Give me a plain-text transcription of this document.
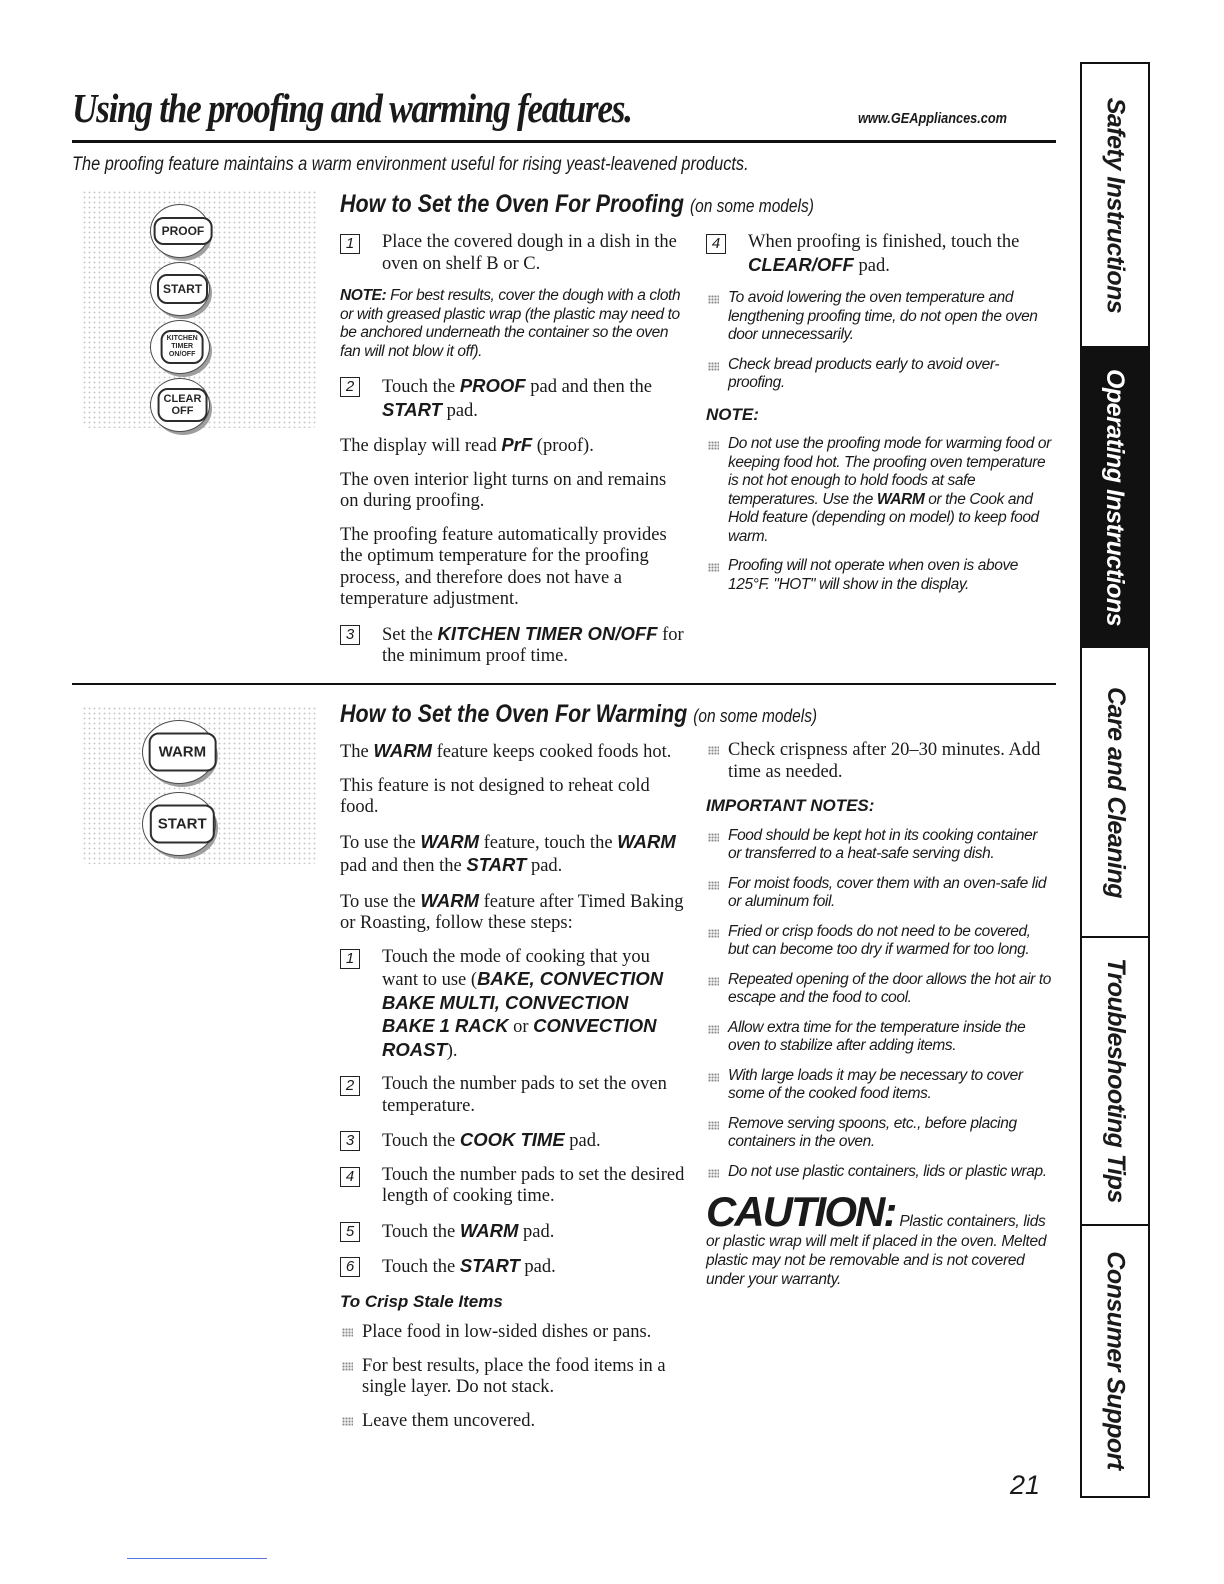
Using the proofing and warming features.	www.GEAppliances.com
The proofing feature maintains a warm environment useful for rising yeast-leavened products.
PROOF
START
KITCHEN
TIMER
ON/OFF
CLEAR
OFF
How to Set the Oven For Proofing (on some models)
1	Place the covered dough in a dish in the oven on shelf B or C.
NOTE: For best results, cover the dough with a cloth or with greased plastic wrap (the plastic may need to be anchored underneath the container so the oven fan will not blow it off).
2	Touch the PROOF pad and then the START pad.

The display will read PrF (proof).

The oven interior light turns on and remains on during proofing.

The proofing feature automatically provides the optimum temperature for the proofing process, and therefore does not have a temperature adjustment.

3	Set the KITCHEN TIMER ON/OFF for the minimum proof time.
4	When proofing is finished, touch the CLEAR/OFF pad.

To avoid lowering the oven temperature and lengthening proofing time, do not open the oven door unnecessarily.

Check bread products early to avoid over-proofing.

NOTE:

Do not use the proofing mode for warming food or keeping food hot. The proofing oven temperature is not hot enough to hold foods at safe temperatures. Use the WARM or the Cook and Hold feature (depending on model) to keep food warm.

Proofing will not operate when oven is above 125°F. "HOT" will show in the display.

WARM
START
How to Set the Oven For Warming (on some models)

The WARM feature keeps cooked foods hot.

This feature is not designed to reheat cold food.

To use the WARM feature, touch the WARM pad and then the START pad.

To use the WARM feature after Timed Baking or Roasting, follow these steps:

1	Touch the mode of cooking that you want to use (BAKE, CONVECTION BAKE MULTI, CONVECTION BAKE 1 RACK or CONVECTION ROAST).
2	Touch the number pads to set the oven temperature.
3	Touch the COOK TIME pad.
4	Touch the number pads to set the desired length of cooking time.
5	Touch the WARM pad.
6	Touch the START pad.
To Crisp Stale Items

Place food in low-sided dishes or pans.

For best results, place the food items in a single layer. Do not stack.

Leave them uncovered.

Check crispness after 20–30 minutes. Add time as needed.

IMPORTANT NOTES:

Food should be kept hot in its cooking container or transferred to a heat-safe serving dish.

For moist foods, cover them with an oven-safe lid or aluminum foil.

Fried or crisp foods do not need to be covered, but can become too dry if warmed for too long.

Repeated opening of the door allows the hot air to escape and the food to cool.

Allow extra time for the temperature inside the oven to stabilize after adding items.

With large loads it may be necessary to cover some of the cooked food items.

Remove serving spoons, etc., before placing containers in the oven.

Do not use plastic containers, lids or plastic wrap.

CAUTION: Plastic containers, lids or plastic wrap will melt if placed in the oven. Melted plastic may not be removable and is not covered under your warranty.
21
Safety Instructions
Operating Instructions
Care and Cleaning
Troubleshooting Tips
Consumer Support
